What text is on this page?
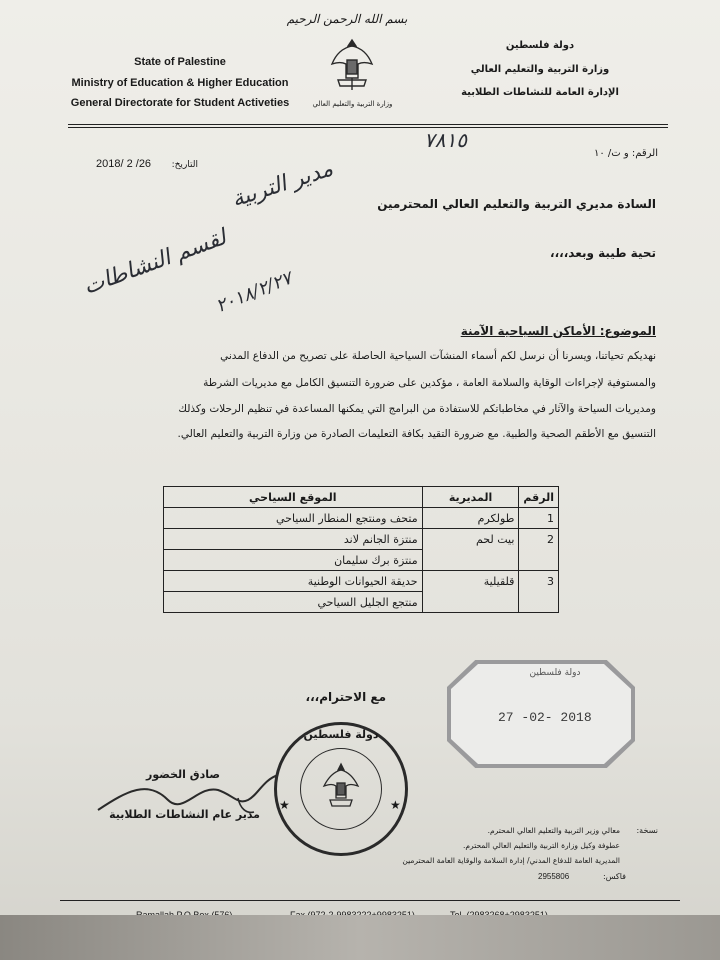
بسم الله الرحمن الرحيم
State of Palestine
Ministry of Education & Higher Education
General Directorate for Student Activeties
دولة فلسطين
وزارة التربية والتعليم العالي
الإدارة العامة للنشاطات الطلابية
وزارة التربية والتعليم العالي
الرقم: و ت/ ١٠
٧٨١٥
التاريخ:
2018/ 2 /26
السادة مديري التربية والتعليم العالي المحترمين
تحية طيبة وبعد،،،،
مدير التربية
لقسم النشاطات
٢٠١٨/٢/٢٧
الموضوع: الأماكن السياحية الآمنة
نهديكم تحياتنا، ويسرنا أن نرسل لكم أسماء المنشآت السياحية الحاصلة على تصريح من الدفاع المدني
والمستوفية لإجراءات الوقاية والسلامة العامة ، مؤكدين على ضرورة التنسيق الكامل مع مديريات الشرطة
ومديريات السياحة والآثار في مخاطباتكم للاستفادة من البرامج التي يمكنها المساعدة في تنظيم الرحلات وكذلك
التنسيق مع الأطقم الصحية والطبية. مع ضرورة التقيد بكافة التعليمات الصادرة من وزارة التربية والتعليم العالي.
الرقم	المديرية	الموقع السياحي
1	طولكرم	متحف ومنتجع المنطار السياحي
2	بيت لحم	منتزة الجانم لاند
		منتزة برك سليمان
3	قلقيلية	حديقة الحيوانات الوطنية
		منتجع الجليل السياحي
مع الاحترام،،،
دولة فلسطين
27 -02- 2018
دولة فلسطين
★	★
صادق الخضور
مدير عام النشاطات الطلابية
نسخة:
معالي وزير التربية والتعليم العالي المحترم.
عطوفة وكيل وزارة التربية والتعليم العالي المحترم.
المديرية العامة للدفاع المدني/ إدارة السلامة والوقاية العامة المحترمين
فاكس:
2955806
